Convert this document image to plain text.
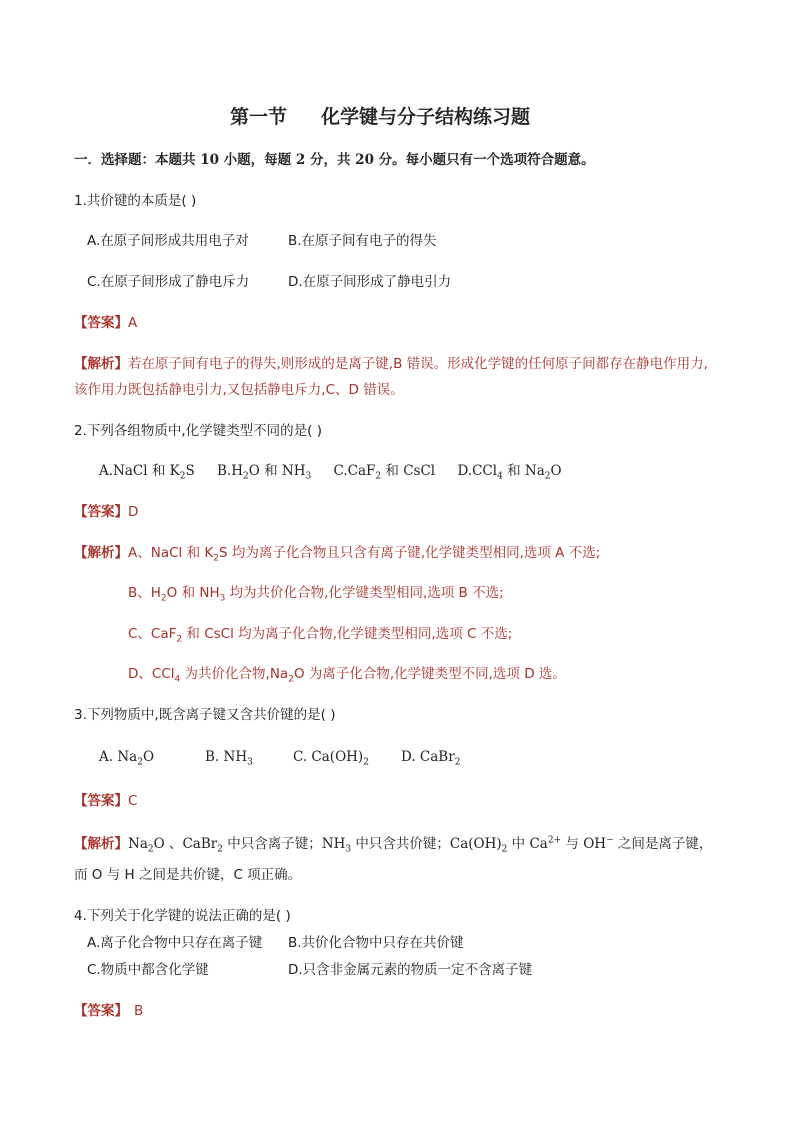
第一节 化学键与分子结构练习题
一．选择题：本题共 10 小题，每题 2 分，共 20 分。每小题只有一个选项符合题意。
1.共价键的本质是( )
A.在原子间形成共用电子对	B.在原子间有电子的得失
C.在原子间形成了静电斥力	D.在原子间形成了静电引力
【答案】A
【解析】若在原子间有电子的得失,则形成的是离子键,B 错误。形成化学键的任何原子间都存在静电作用力,
该作用力既包括静电引力,又包括静电斥力,C、D 错误。
2.下列各组物质中,化学键类型不同的是( )
A.NaCl 和 $K_2S$ $B.H_2O$ 和 $NH_3$ C.CaF$_2$ 和 CsCl D.CCl$_4$ 和 $Na_2O$
【答案】D
【解析】A、NaCl 和 $K_2S$ 均为离子化合物且只含有离子键,化学键类型相同,选项 A 不选;
B、$H_2O$ 和 $NH_3$ 均为共价化合物,化学键类型相同,选项 B 不选;
C、CaF$_2$ 和 CsCl 均为离子化合物,化学键类型相同,选项 C 不选;
D、CCl$_4$ 为共价化合物$,Na_2O$ 为离子化合物,化学键类型不同,选项 D 选。
3.下列物质中,既含离子键又含共价键的是( )
A. $Na_2O$	B. $NH_3$	C. $Ca(OH)_2$ D. CaBr$_2$
【答案】C
【解析】$Na_2O$ 、CaBr$_2$ 中只含离子键；$NH_3$ 中只含共价键；$Ca(OH)_2$ 中 $Ca^{2+}$ 与 OH− 之间是离子键，
而 O 与 H 之间是共价键，C 项正确。
4.下列关于化学键的说法正确的是( )
A.离子化合物中只存在离子键 B.共价化合物中只存在共价键
C.物质中都含化学键	D.只含非金属元素的物质一定不含离子键
【答案】 B
